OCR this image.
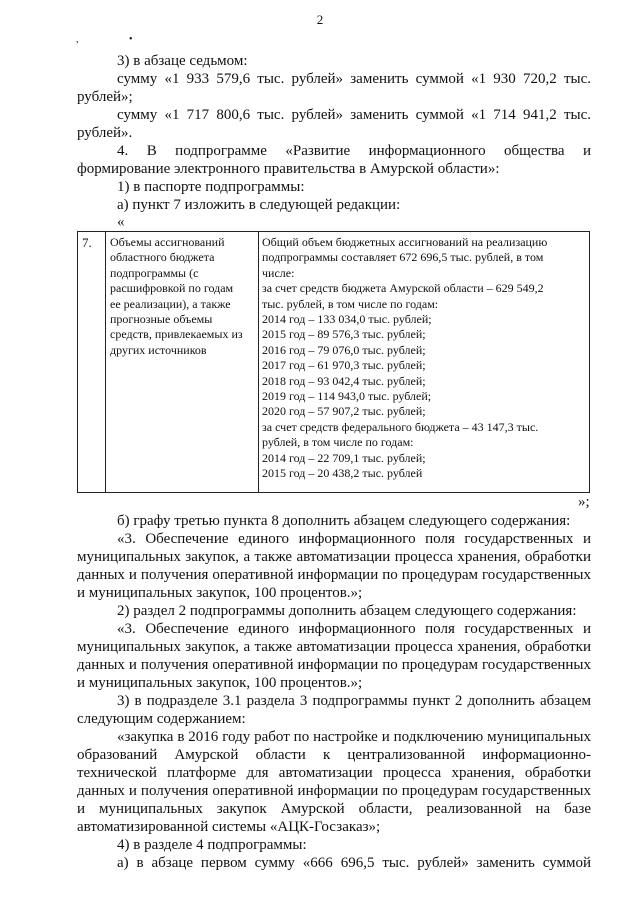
2
, •

3) в абзаце седьмом:

сумму «1 933 579,6 тыс. рублей» заменить суммой «1 930 720,2 тыс.

рублей»;

сумму «1 717 800,6 тыс. рублей» заменить суммой «1 714 941,2 тыс.

рублей».

4. В подпрограмме «Развитие информационного общества и

формирование электронного правительства в Амурской области»:

1) в паспорте подпрограммы:

а) пункт 7 изложить в следующей редакции:

«

7. Объемы ассигнований
областного бюджета
подпрограммы (с
расшифровкой по годам
ее реализации), а также
прогнозные объемы
средств, привлекаемых из
других источников
Общий объем бюджетных ассигнований на реализацию
подпрограммы составляет 672 696,5 тыс. рублей, в том
числе:
за счет средств бюджета Амурской области – 629 549,2
тыс. рублей, в том числе по годам:
2014 год – 133 034,0 тыс. рублей;
2015 год – 89 576,3 тыс. рублей;
2016 год – 79 076,0 тыс. рублей;
2017 год – 61 970,3 тыс. рублей;
2018 год – 93 042,4 тыс. рублей;
2019 год – 114 943,0 тыс. рублей;
2020 год – 57 907,2 тыс. рублей;
за счет средств федерального бюджета – 43 147,3 тыс.
рублей, в том числе по годам:
2014 год – 22 709,1 тыс. рублей;
2015 год – 20 438,2 тыс. рублей
»;

б) графу третью пункта 8 дополнить абзацем следующего содержания:

«3. Обеспечение единого информационного поля государственных и

муниципальных закупок, а также автоматизации процесса хранения, обработки

данных и получения оперативной информации по процедурам государственных

и муниципальных закупок, 100 процентов.»;

2) раздел 2 подпрограммы дополнить абзацем следующего содержания:

«3. Обеспечение единого информационного поля государственных и

муниципальных закупок, а также автоматизации процесса хранения, обработки

данных и получения оперативной информации по процедурам государственных

и муниципальных закупок, 100 процентов.»;

3) в подразделе 3.1 раздела 3 подпрограммы пункт 2 дополнить абзацем

следующим содержанием:

«закупка в 2016 году работ по настройке и подключению муниципальных

образований Амурской области к централизованной информационно-

технической платформе для автоматизации процесса хранения, обработки

данных и получения оперативной информации по процедурам государственных

и муниципальных закупок Амурской области, реализованной на базе

автоматизированной системы «АЦК-Госзаказ»;

4) в разделе 4 подпрограммы:

а) в абзаце первом сумму «666 696,5 тыс. рублей» заменить суммой
